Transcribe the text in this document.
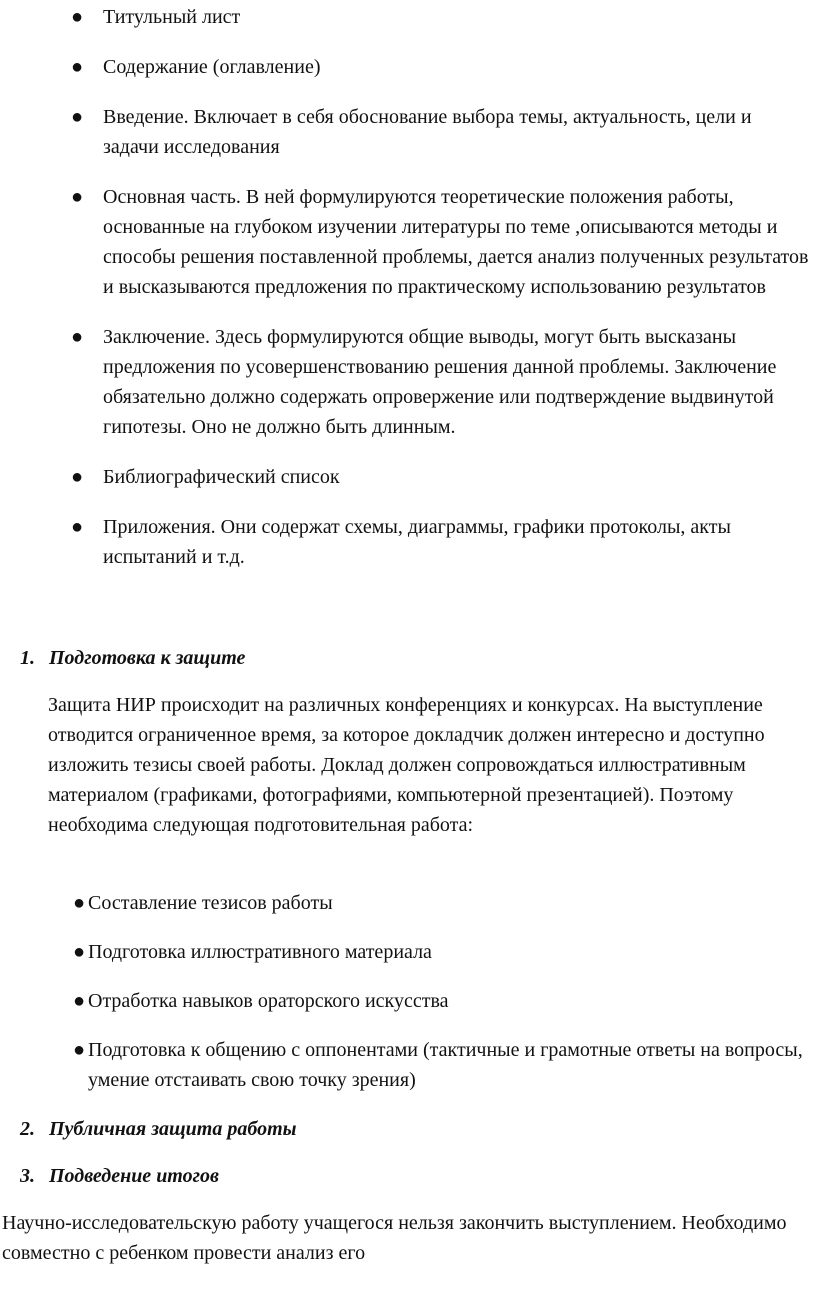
● Титульный лист
● Содержание (оглавление)
● Введение. Включает в себя обоснование выбора темы, актуальность, цели и задачи исследования
● Основная часть. В ней формулируются теоретические положения работы, основанные на глубоком изучении литературы по теме ,описываются методы и способы решения поставленной проблемы, дается анализ полученных результатов и высказываются предложения по практическому использованию результатов
● Заключение. Здесь формулируются общие выводы, могут быть высказаны предложения по усовершенствованию решения данной проблемы. Заключение обязательно должно содержать опровержение или подтверждение выдвинутой гипотезы. Оно не должно быть длинным.
● Библиографический список
● Приложения. Они содержат схемы, диаграммы, графики протоколы, акты испытаний и т.д.
1. Подготовка к защите

Защита НИР происходит на различных конференциях и конкурсах. На выступление отводится ограниченное время, за которое докладчик должен интересно и доступно изложить тезисы своей работы. Доклад должен сопровождаться иллюстративным материалом (графиками, фотографиями, компьютерной презентацией). Поэтому необходима следующая подготовительная работа:

● Составление тезисов работы
● Подготовка иллюстративного материала
● Отработка навыков ораторского искусства
● Подготовка к общению с оппонентами (тактичные и грамотные ответы на вопросы, умение отстаивать свою точку зрения)
2. Публичная защита работы
3. Подведение итогов

Научно-исследовательскую работу учащегося нельзя закончить выступлением. Необходимо совместно с ребенком провести анализ его
